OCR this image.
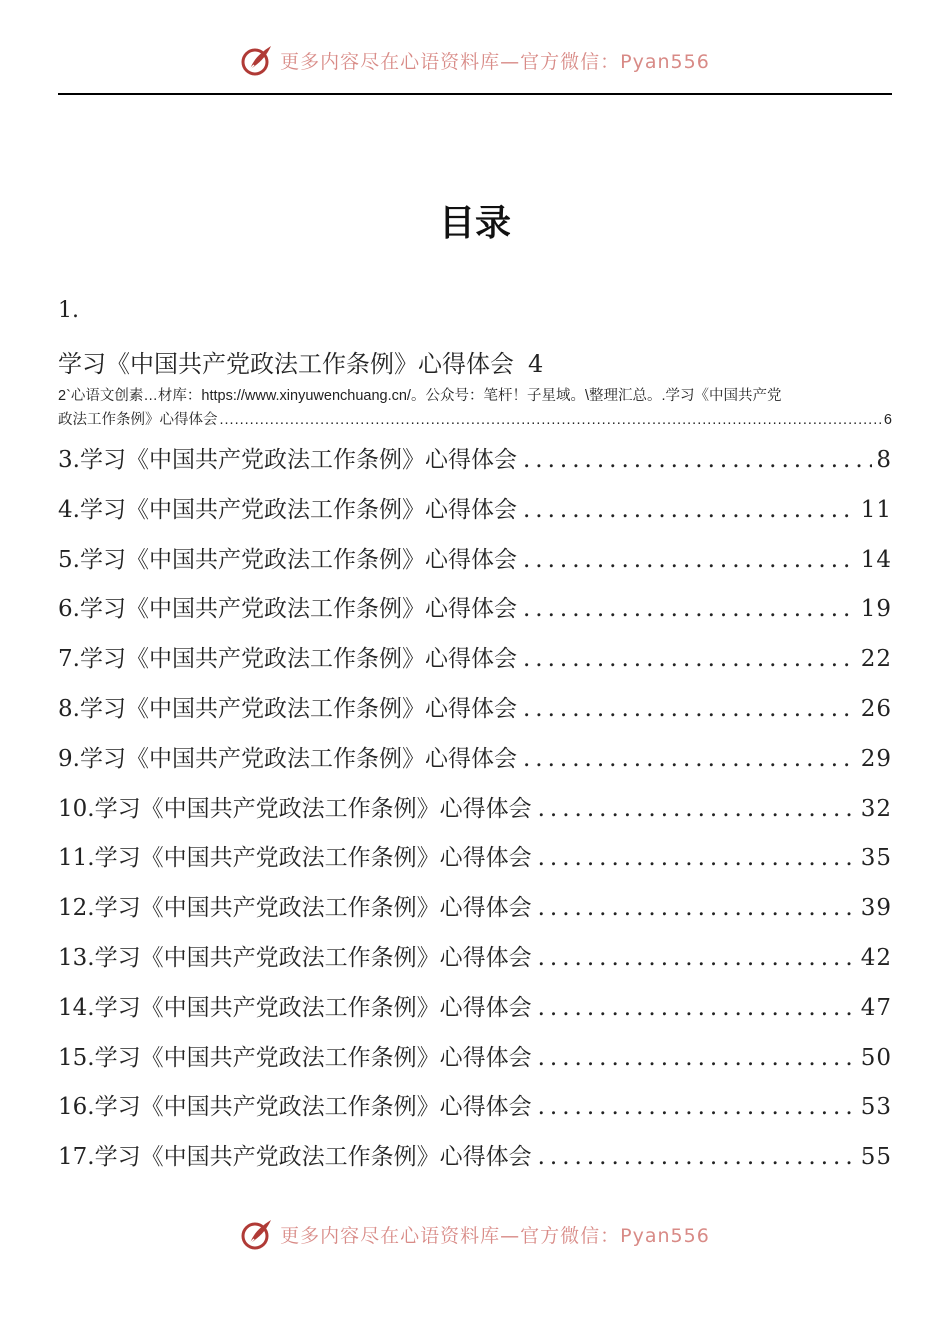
更多内容尽在心语资料库—官方微信：Pyan556
目录
1.
学习《中国共产党政法工作条例》心得体会 4
2`心语文创素…材库：https://www.xinyuwenchuang.cn/。公众号：笔杆！子星域。\整理汇总。.学习《中国共产党
政法工作条例》心得体会 .....	6
3. 学习《中国共产党政法工作条例》心得体会 .....	8
4. 学习《中国共产党政法工作条例》心得体会 .....	11
5. 学习《中国共产党政法工作条例》心得体会 .....	14
6. 学习《中国共产党政法工作条例》心得体会 .....	19
7. 学习《中国共产党政法工作条例》心得体会 .....	22
8. 学习《中国共产党政法工作条例》心得体会 .....	26
9. 学习《中国共产党政法工作条例》心得体会 .....	29
10. 学习《中国共产党政法工作条例》心得体会 .....	32
11. 学习《中国共产党政法工作条例》心得体会 .....	35
12. 学习《中国共产党政法工作条例》心得体会 .....	39
13. 学习《中国共产党政法工作条例》心得体会 .....	42
14. 学习《中国共产党政法工作条例》心得体会 .....	47
15. 学习《中国共产党政法工作条例》心得体会 .....	50
16. 学习《中国共产党政法工作条例》心得体会 .....	53
17. 学习《中国共产党政法工作条例》心得体会 .....	55
更多内容尽在心语资料库—官方微信：Pyan556
